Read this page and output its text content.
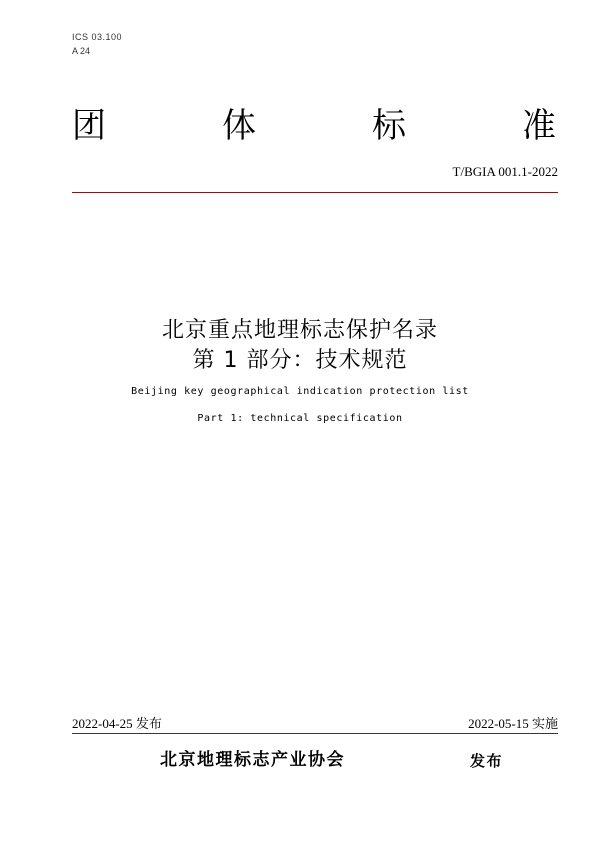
ICS 03.100
A 24
团	体	标	准
T/BGIA 001.1-2022
北京重点地理标志保护名录
第 1 部分：技术规范
Beijing key geographical indication protection list
Part 1: technical specification
2022-04-25 发布	2022-05-15 实施
北京地理标志产业协会	发布
